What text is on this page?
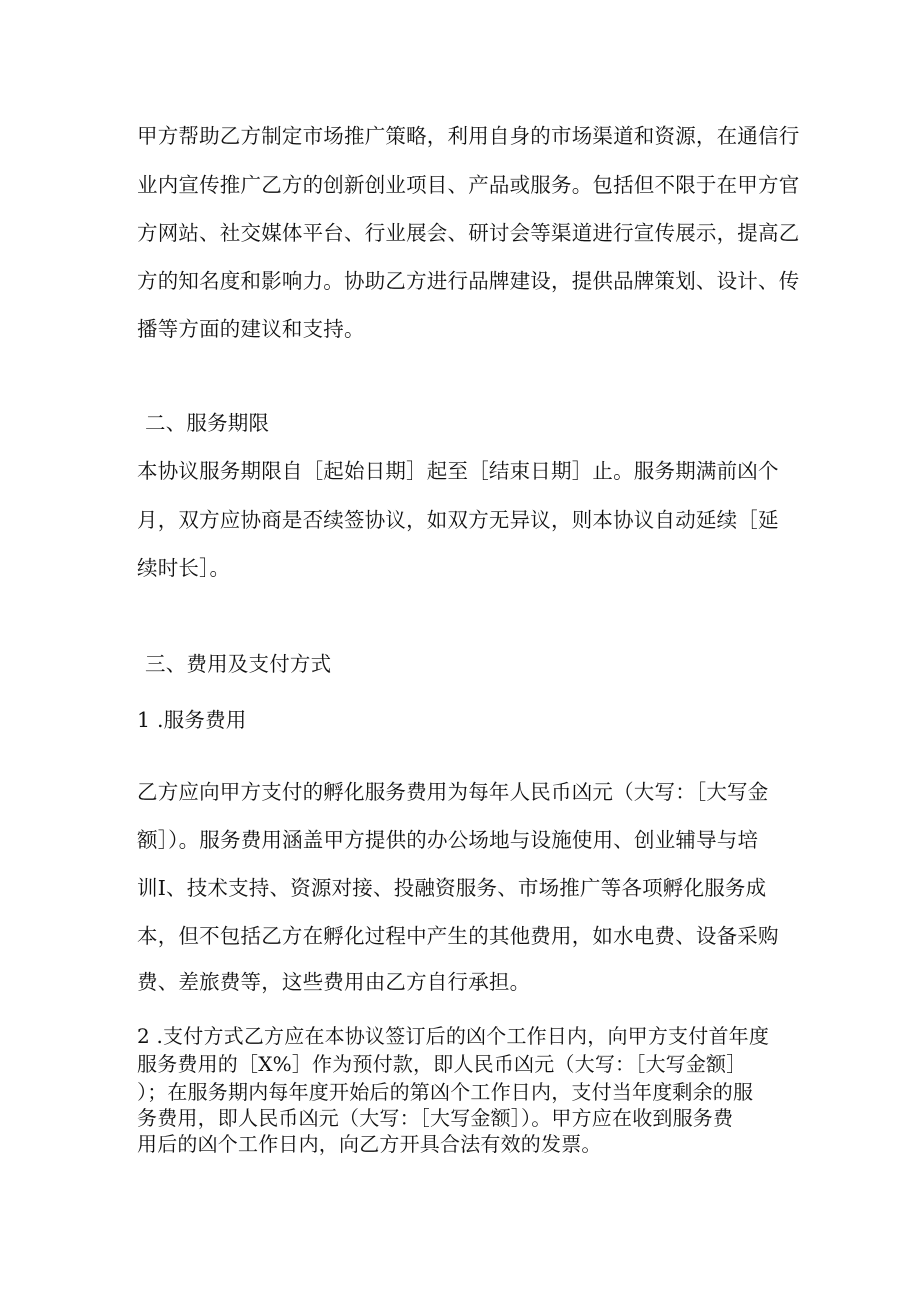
甲方帮助乙方制定市场推广策略，利用自身的市场渠道和资源，在通信行
业内宣传推广乙方的创新创业项目、产品或服务。包括但不限于在甲方官
方网站、社交媒体平台、行业展会、研讨会等渠道进行宣传展示，提高乙
方的知名度和影响力。协助乙方进行品牌建设，提供品牌策划、设计、传
播等方面的建议和支持。
二、服务期限
本协议服务期限自［起始日期］起至［结束日期］止。服务期满前凶个
月，双方应协商是否续签协议，如双方无异议，则本协议自动延续［延
续时长］。
三、费用及支付方式
1 .服务费用
乙方应向甲方支付的孵化服务费用为每年人民币凶元（大写：［大写金
额］）。服务费用涵盖甲方提供的办公场地与设施使用、创业辅导与培
训I、技术支持、资源对接、投融资服务、市场推广等各项孵化服务成
本，但不包括乙方在孵化过程中产生的其他费用，如水电费、设备采购
费、差旅费等，这些费用由乙方自行承担。
2 .支付方式乙方应在本协议签订后的凶个工作日内，向甲方支付首年度
服务费用的［X%］作为预付款，即人民币凶元（大写：［大写金额］
）；在服务期内每年度开始后的第凶个工作日内，支付当年度剩余的服
务费用，即人民币凶元（大写：［大写金额］）。甲方应在收到服务费
用后的凶个工作日内，向乙方开具合法有效的发票。
